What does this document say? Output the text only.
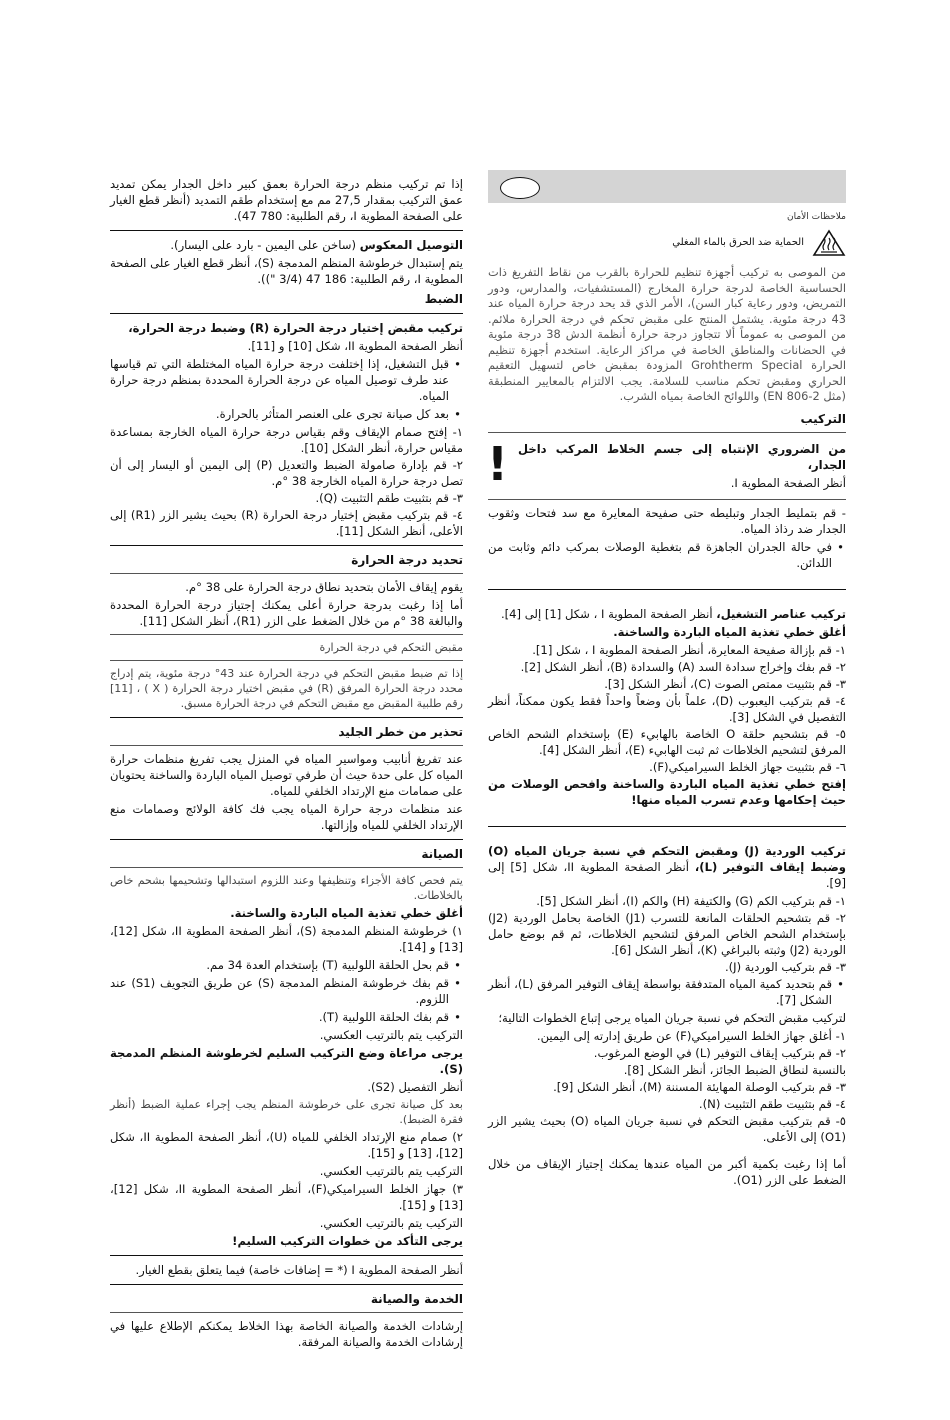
إذا تم تركيب منظم درجة الحرارة بعمق كبير داخل الجدار يمكن تمديد عمق التركيب بمقدار 27,5 مم مع إستخدام طقم التمديد (أنظر قطع الغيار على الصفحة المطوية I، رقم الطلبية: 780 47).

التوصيل المعكوس (ساخن على اليمين - بارد على اليسار).

يتم إستبدال خرطوشة المنظم المدمجة (S)، أنظر قطع الغيار على الصفحة المطوية I، رقم الطلبية: 186 47 (3/4 ")).

الضبط

تركيب مقبض إختيار درجة الحرارة (R) وضبط درجة الحرارة،

أنظر الصفحة المطوية II، شكل [10] و [11].

• قبل التشغيل، إذا إختلفت درجة حرارة المياه المختلطة التي تم قياسها عند طرف توصيل المياه عن درجة الحرارة المحددة بمنظم درجة حرارة المياه.
• بعد كل صيانة تجرى على العنصر المتأثر بالحرارة.

١- إفتح صمام الإيقاف وقم بقياس درجة حرارة المياه الخارجة بمساعدة مقياس حرارة، أنظر الشكل [10].

٢- قم بإدارة صامولة الضبط والتعديل (P) إلى اليمين أو اليسار إلى أن تصل درجة حرارة المياه الخارجة 38 °م.

٣- قم بتثبيت طقم التثبيت (Q).

٤- قم بتركيب مقبض إختيار درجة الحرارة (R) بحيث يشير الزر (R1) إلى الأعلى، أنظر الشكل [11].

تحديد درجة الحرارة

يقوم إيقاف الأمان بتحديد نطاق درجة الحرارة على 38 °م.

أما إذا رغبت بدرجة حرارة أعلى يمكنك إجتياز درجة الحرارة المحددة والبالغة 38 °م من خلال الضغط على الزر (R1)، أنظر الشكل [11].

مقبض التحكم في درجة الحرارة

إذا تم ضبط مقبض التحكم في درجة الحرارة عند 43° درجة مئوية، يتم إدراج محدد درجة الحرارة المرفق (R) في مقبض اختيار درجة الحرارة ( X ) ، [11] رقم طلبية المقبض مع مقبض التحكم في درجة الحرارة مسبق.

تحذير من خطر الجليد

عند تفريغ أنابيب ومواسير المياه في المنزل يجب تفريغ منظمات حرارة المياه كل على حدة حيث أن طرفي توصيل المياه الباردة والساخنة يحتويان على صمامات منع الإرتداد الخلفي للمياه.

عند منظمات درجة حرارة المياه يجب فك كافة الولائج وصمامات منع الإرتداد الخلفي للمياه وإزالتها.

الصيانة

يتم فحص كافة الأجزاء وتنظيفها وعند اللزوم استبدالها وتشحيمها بشحم خاص بالخلاطات.

أغلق خطي تغذية المياه الباردة والساخنة.

١) خرطوشة المنظم المدمجة (S)، أنظر الصفحة المطوية II، شكل [12]، [13] و [14].

• قم بحل الحلقة اللولبية (T) بإستخدام العدة 34 مم.
• قم بفك خرطوشة المنظم المدمجة (S) عن طريق التجويف (S1) عند اللزوم.
• قم بفك الحلقة اللولبية (T).

التركيب يتم بالترتيب العكسي.

يرجى مراعاة وضع التركيب السليم لخرطوشة المنظم المدمجة (S).

أنظر التفصيل (S2).

بعد كل صيانة تجرى على خرطوشة المنظم يجب إجراء عملية الضبط (أنظر فقرة الضبط).

٢) صمام منع الإرتداد الخلفي للمياه (U)، أنظر الصفحة المطوية II، شكل [12]، [13] و [15].

التركيب يتم بالترتيب العكسي.

٣) جهاز الخلط السيراميكي(F)، أنظر الصفحة المطوية II، شكل [12]، [13] و [15].

التركيب يتم بالترتيب العكسي.

يرجى التأكد من خطوات التركيب السليم!

أنظر الصفحة المطوية I (* = إضافات خاصة) فيما يتعلق بقطع الغيار.

الخدمة والصيانة

إرشادات الخدمة والصيانة الخاصة بهذا الخلاط يمكنكم الإطلاع عليها في إرشادات الخدمة والصيانة المرفقة.

ملاحظات الأمان

الحماية ضد الحرق بالماء المغلي

من الموصى به تركيب أجهزة تنظيم للحرارة بالقرب من نقاط التفريغ ذات الحساسية الخاصة لدرجة حرارة المخارج (المستشفيات، والمدارس، ودور التمريض، ودور رعاية كبار السن)، الأمر الذي قد يحد درجة حرارة المياه عند 43 درجة مئوية. يشتمل المنتج على مقبض تحكم في درجة الحرارة ملائم. من الموصى به عموماً ألا تتجاوز درجة حرارة أنظمة الدش 38 درجة مئوية في الحضانات والمناطق الخاصة في مراكز الرعاية. استخدم أجهزة تنظيم الحرارة Grohtherm Special المزودة بمقبض خاص لتسهيل التعقيم الحراري ومقبض تحكم مناسب للسلامة. يجب الالتزام بالمعايير المنطبقة (مثل EN 806-2) واللوائح الخاصة بمياه الشرب.

التركيب

من الضروري الإنتباه إلى جسم الخلاط المركب داخل الجدار،

أنظر الصفحة المطوية I.

!

- قم بتمليط الجدار وتبليطه حتى صفيحة المعايرة مع سد فتحات وثقوب الجدار ضد رذاذ المياه.

• في حالة الجدران الجاهزة قم بتغطية الوصلات بمركب دائم وثابت من اللدائن.

تركيب عناصر التشغيل، أنظر الصفحة المطوية I ، شكل [1] إلى [4].

أغلق خطي تغذية المياه الباردة والساخنة.

١- قم بإزالة صفيحة المعايرة، أنظر الصفحة المطوية I ، شكل [1].

٢- قم بفك وإخراج سدادة السد (A) والسدادة (B)، أنظر الشكل [2].

٣- قم بتثبيت ممتص الصوت (C)، أنظر الشكل [3].

٤- قم بتركيب اليعبوب (D)، علماً بأن وضعاً واحداً فقط يكون ممكناً، أنظر التفصيل في الشكل [3].

٥- قم بتشحيم حلقة O الخاصة بالهابيء (E) بإستخدام الشحم الخاص المرفق لتشحيم الخلاطات ثم ثبت الهابيء (E)، أنظر الشكل [4].

٦- قم بتثبيت جهاز الخلط السيراميكي(F).

إفتح خطي تغذية المياه الباردة والساخنة وافحص الوصلات من حيث إحكامها وعدم تسرب المياه منها!

تركيب الوردية (J) ومقبض التحكم في نسبة جريان المياه (O) وضبط إيقاف التوفير (L)، أنظر الصفحة المطوية II، شكل [5] إلى [9].

١- قم بتركيب الكم (G) والكتيفة (H) والكم (I)، أنظر الشكل [5].

٢- قم بتشحيم الحلقات المانعة للتسرب (J1) الخاصة بحامل الوردية (J2) بإستخدام الشحم الخاص المرفق لتشحيم الخلاطات، ثم قم بوضع حامل الوردية (J2) وثبته بالبراغي (K)، أنظر الشكل [6].

٣- قم بتركيب الوردية (J).

• قم بتحديد كمية المياه المتدفقة بواسطة إيقاف التوفير المرفق (L)، أنظر الشكل [7].

لتركيب مقبض التحكم في نسبة جريان المياه يرجى إتباع الخطوات التالية؛

١- أغلق جهاز الخلط السيراميكي(F) عن طريق إدارته إلى اليمين.

٢- قم بتركيب إيقاف التوفير (L) في الوضع المرغوب.

بالنسبة لنطاق الضبط الجائز، أنظر الشكل [8].

٣- قم بتركيب الوصلة المهايئة المسننة (M)، أنظر الشكل [9].

٤- قم بتثبيت طقم التثبيت (N).

٥- قم بتركيب مقبض التحكم في نسبة جريان المياه (O) بحيث يشير الزر (O1) إلى الأعلى.

أما إذا رغبت بكمية أكبر من المياه عندها يمكنك إجتياز الإيقاف من خلال الضغط على الزر (O1).
